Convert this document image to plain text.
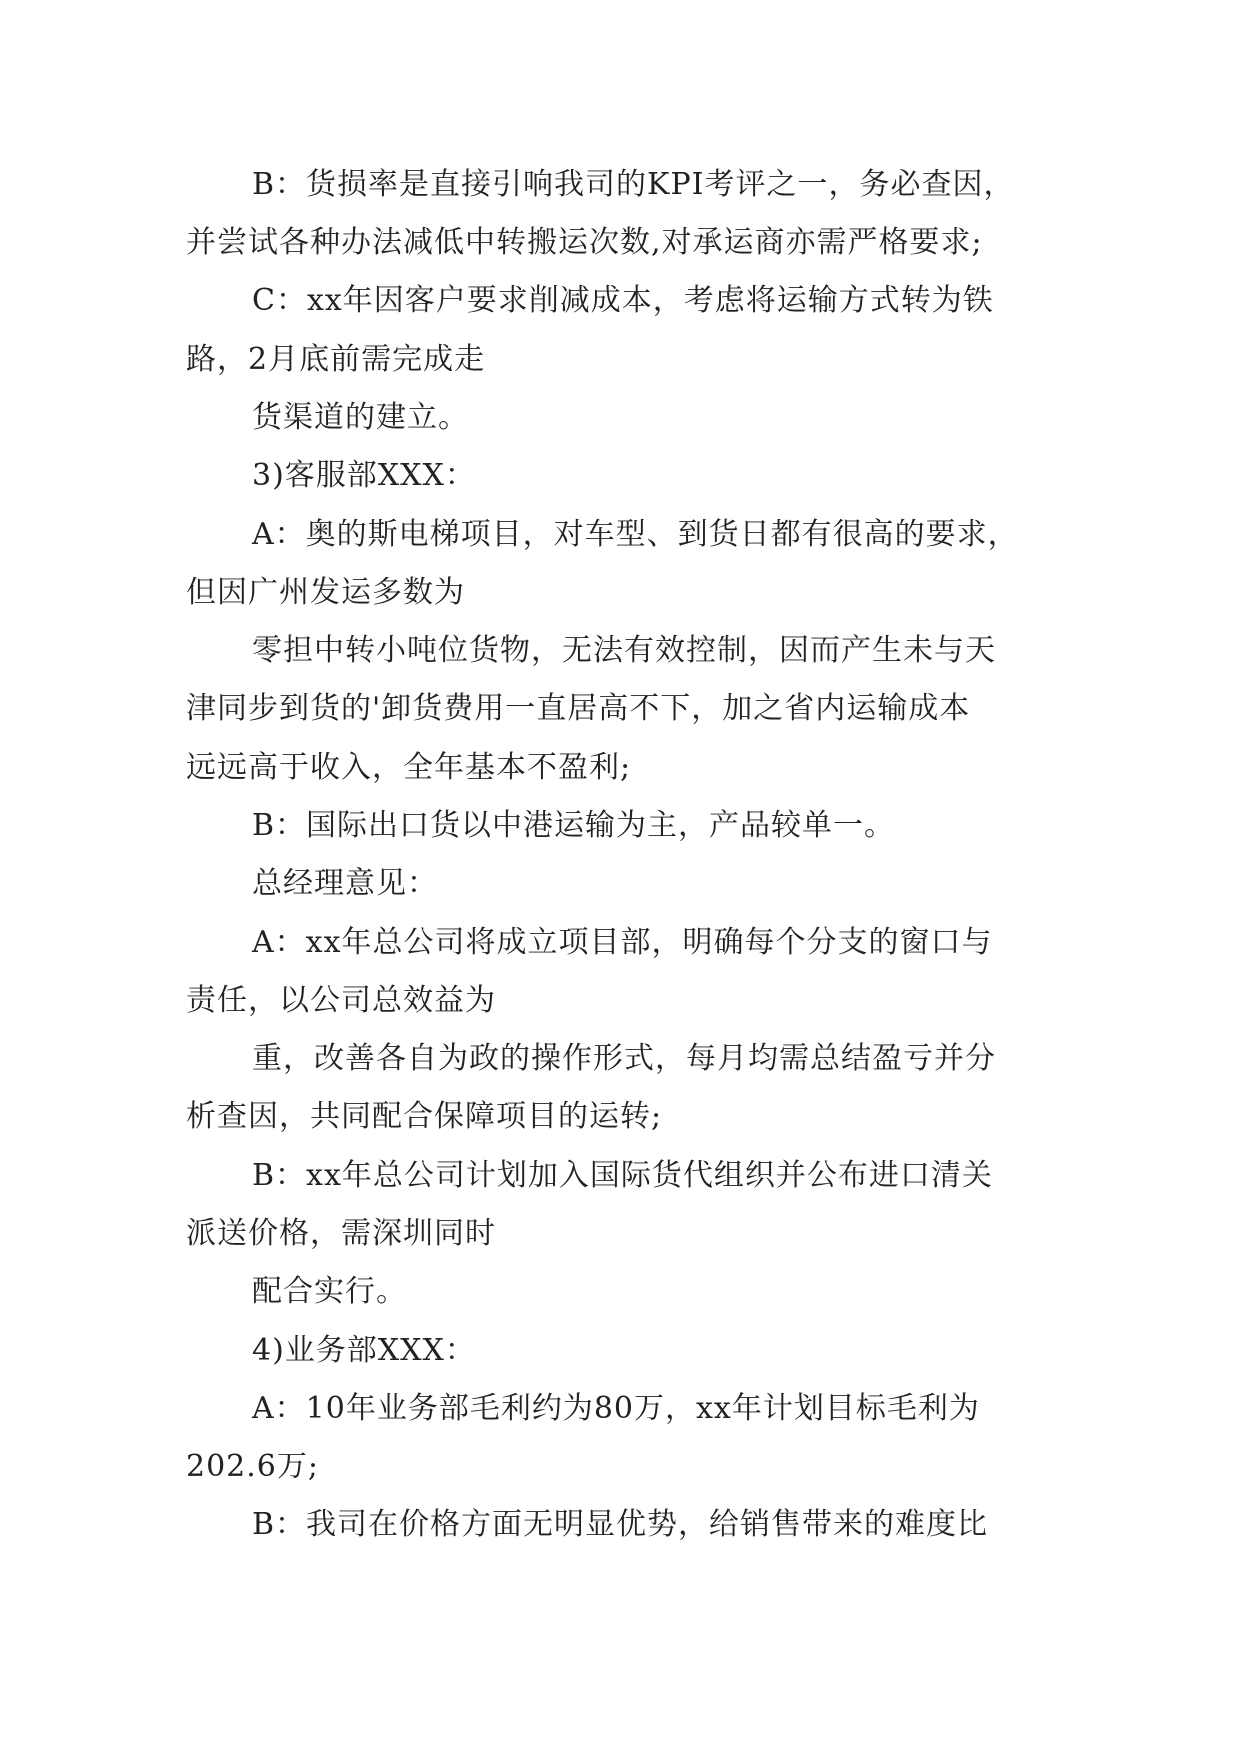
B：货损率是直接引响我司的KPI考评之一，务必查因，
并尝试各种办法减低中转搬运次数,对承运商亦需严格要求;
C：xx年因客户要求削减成本，考虑将运输方式转为铁
路，2月底前需完成走
货渠道的建立。
3)客服部XXX：
A：奥的斯电梯项目，对车型、到货日都有很高的要求，
但因广州发运多数为
零担中转小吨位货物，无法有效控制，因而产生未与天
津同步到货的'卸货费用一直居高不下，加之省内运输成本
远远高于收入，全年基本不盈利;
B：国际出口货以中港运输为主，产品较单一。
总经理意见：
A：xx年总公司将成立项目部，明确每个分支的窗口与
责任，以公司总效益为
重，改善各自为政的操作形式，每月均需总结盈亏并分
析查因，共同配合保障项目的运转;
B：xx年总公司计划加入国际货代组织并公布进口清关
派送价格，需深圳同时
配合实行。
4)业务部XXX：
A：10年业务部毛利约为80万，xx年计划目标毛利为
202.6万;
B：我司在价格方面无明显优势，给销售带来的难度比
